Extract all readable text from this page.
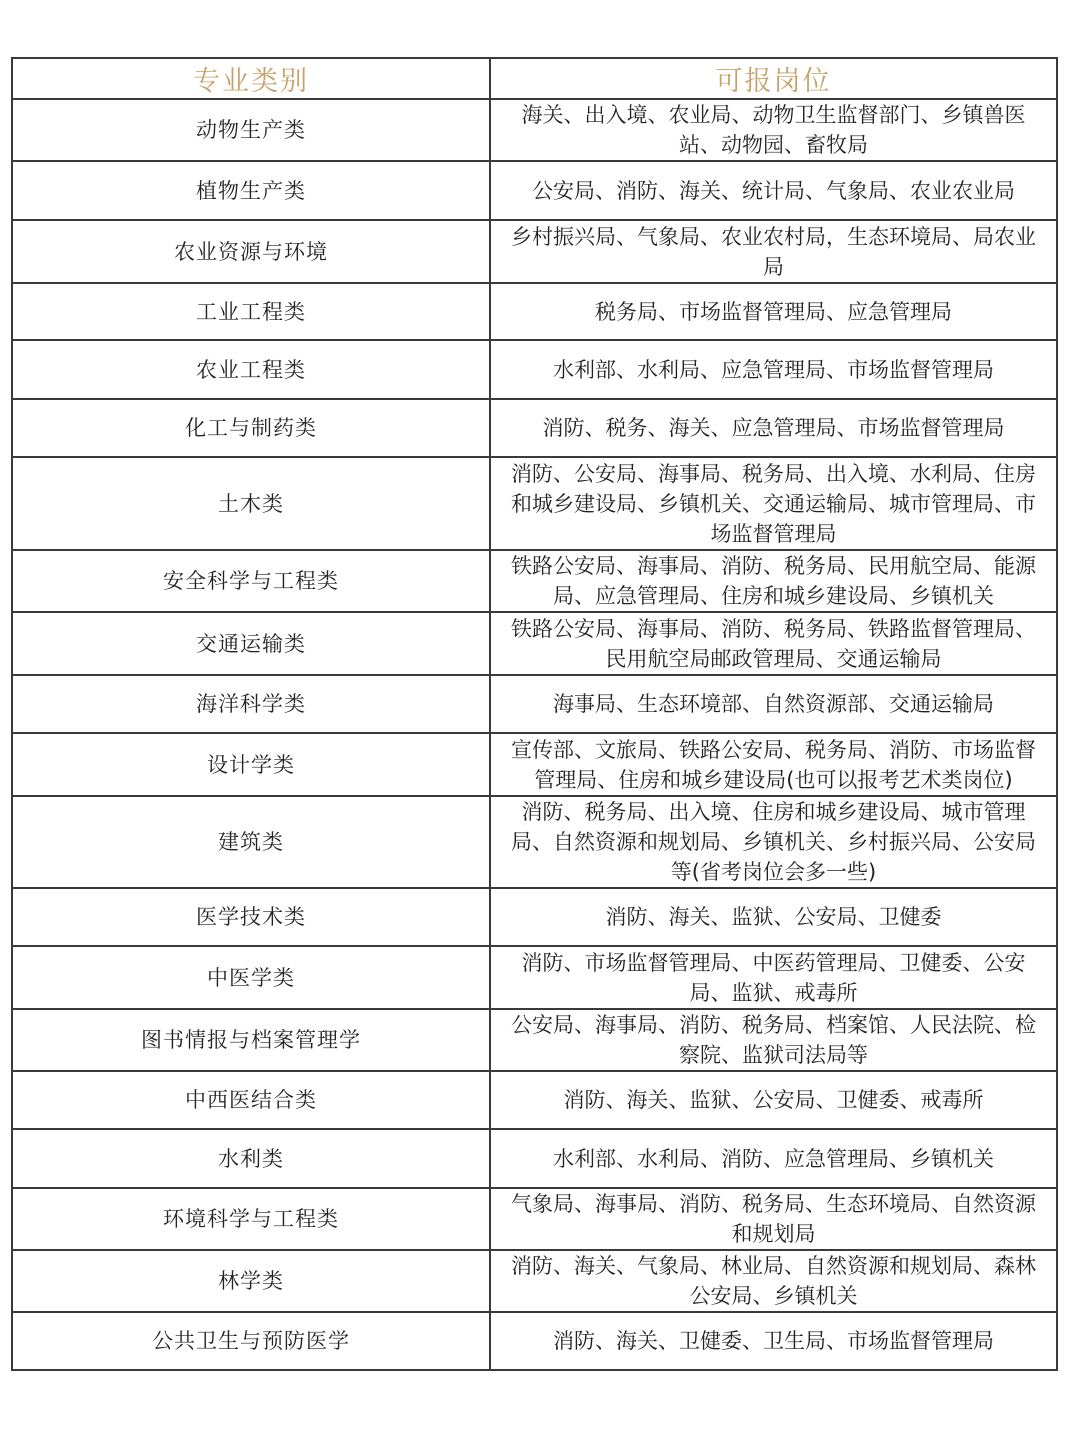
专业类别	可报岗位
动物生产类	海关、出入境、农业局、动物卫生监督部门、乡镇兽医站、动物园、畜牧局
植物生产类	公安局、消防、海关、统计局、气象局、农业农业局
农业资源与环境	乡村振兴局、气象局、农业农村局，生态环境局、局农业局
工业工程类	税务局、市场监督管理局、应急管理局
农业工程类	水利部、水利局、应急管理局、市场监督管理局
化工与制药类	消防、税务、海关、应急管理局、市场监督管理局
土木类	消防、公安局、海事局、税务局、出入境、水利局、住房和城乡建设局、乡镇机关、交通运输局、城市管理局、市场监督管理局
安全科学与工程类	铁路公安局、海事局、消防、税务局、民用航空局、能源局、应急管理局、住房和城乡建设局、乡镇机关
交通运输类	铁路公安局、海事局、消防、税务局、铁路监督管理局、民用航空局邮政管理局、交通运输局
海洋科学类	海事局、生态环境部、自然资源部、交通运输局
设计学类	宣传部、文旅局、铁路公安局、税务局、消防、市场监督管理局、住房和城乡建设局(也可以报考艺术类岗位)
建筑类	消防、税务局、出入境、住房和城乡建设局、城市管理局、自然资源和规划局、乡镇机关、乡村振兴局、公安局等(省考岗位会多一些)
医学技术类	消防、海关、监狱、公安局、卫健委
中医学类	消防、市场监督管理局、中医药管理局、卫健委、公安局、监狱、戒毒所
图书情报与档案管理学	公安局、海事局、消防、税务局、档案馆、人民法院、检察院、监狱司法局等
中西医结合类	消防、海关、监狱、公安局、卫健委、戒毒所
水利类	水利部、水利局、消防、应急管理局、乡镇机关
环境科学与工程类	气象局、海事局、消防、税务局、生态环境局、自然资源和规划局
林学类	消防、海关、气象局、林业局、自然资源和规划局、森林公安局、乡镇机关
公共卫生与预防医学	消防、海关、卫健委、卫生局、市场监督管理局
